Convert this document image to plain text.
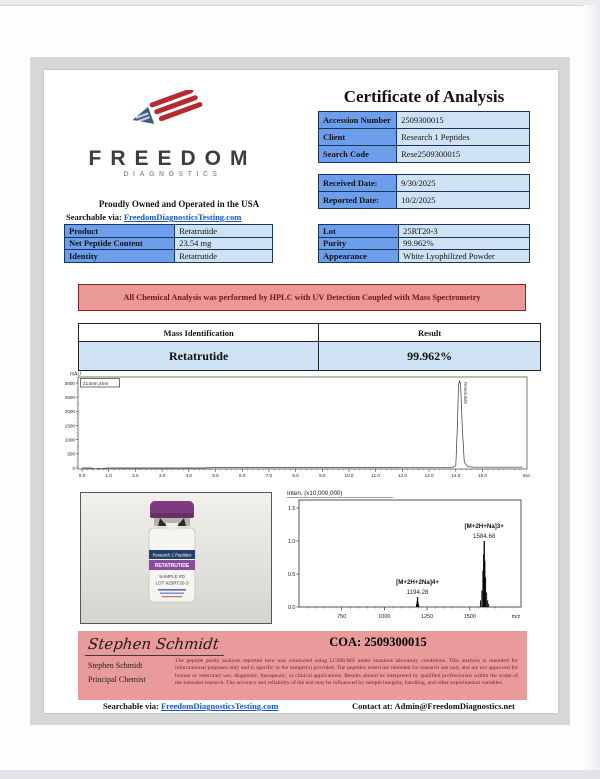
FREEDOM
DIAGNOSTICS
Proudly Owned and Operated in the USA
Searchable via: FreedomDiagnosticsTesting.com
Certificate of Analysis
Accession Number	2509300015
Client	Research 1 Peptides
Search Code	Rese2509300015
Received Date:	9/30/2025
Reported Date:	10/2/2025
Product	Retatrutide
Net Peptide Content	23.54 mg
Identity	Retatrutide
Lot	25RT20-3
Purity	99.962%
Appearance	White Lyophilized Powder
All Chemical Analysis was performed by HPLC with UV Detection Coupled with Mass Spectrometry
Mass Identification	Result
Retatrutide	99.962%
mAU
0
500
1000
1500
2000
2500
3000
0.0	1.0	2.0	3.0	4.0	5.0	6.0	7.0	8.0	9.0	10.0	11.0	12.0	13.0	14.0	15.0	min
214nm,4nm	Retatrutide
Research 1 Peptides
RETATRUTIDE
SAMPLE #D
LOT #25RT20-3
Inten. (x10,000,000)
0.0
0.5
1.0
1.5
750	1000	1250	1500	m/z
[M+2H+2Na]4+
1194.28
[M+2H+Na]3+
1584.68
Stephen Schmidt
Stephen Schmidt
Principal Chemist
COA: 2509300015
The peptide purity analysis reported here was conducted using LCMS/MS under standard laboratory conditions. This analysis is intended for informational purposes only and is specific to the sample(s) provided. The peptides tested are intended for research use only and are not approved for human or veterinary use, diagnostic, therapeutic, or clinical applications. Results should be interpreted by qualified professionals within the scope of the intended research. The accuracy and reliability of the test may be influenced by sample integrity, handling, and other experimental variables.
Searchable via: FreedomDiagnosticsTesting.com	Contact at: Admin@FreedomDiagnostics.net
